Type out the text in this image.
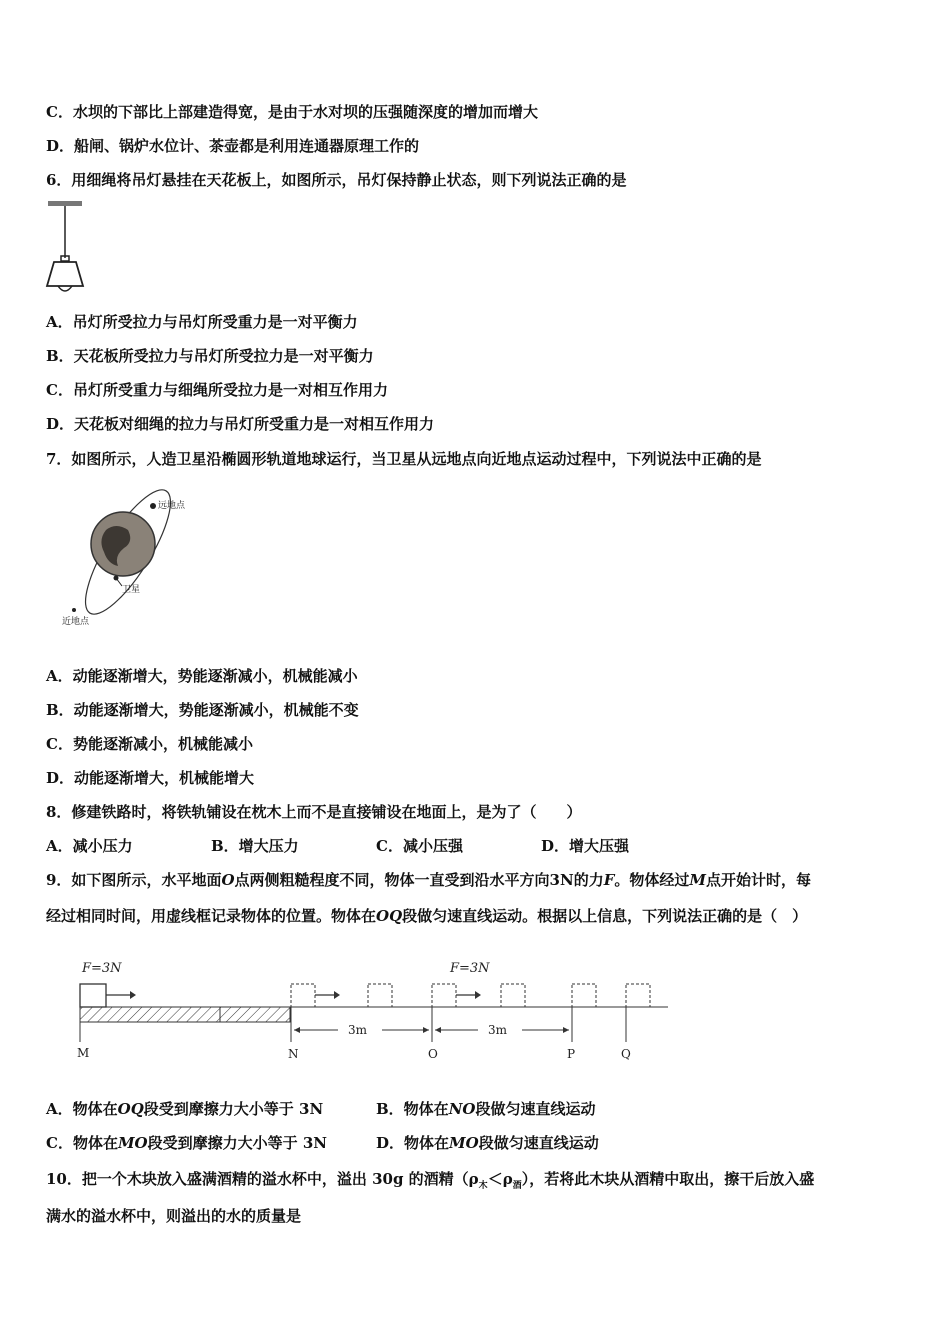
C．水坝的下部比上部建造得宽，是由于水对坝的压强随深度的增加而增大
D．船闸、锅炉水位计、茶壶都是利用连通器原理工作的
6．用细绳将吊灯悬挂在天花板上，如图所示，吊灯保持静止状态，则下列说法正确的是
A．吊灯所受拉力与吊灯所受重力是一对平衡力
B．天花板所受拉力与吊灯所受拉力是一对平衡力
C．吊灯所受重力与细绳所受拉力是一对相互作用力
D．天花板对细绳的拉力与吊灯所受重力是一对相互作用力
7．如图所示，人造卫星沿椭圆形轨道地球运行，当卫星从远地点向近地点运动过程中，下列说法中正确的是
远地点
卫星
近地点
A．动能逐渐增大，势能逐渐减小，机械能减小
B．动能逐渐增大，势能逐渐减小，机械能不变
C．势能逐渐减小，机械能减小
D．动能逐渐增大，机械能增大
8．修建铁路时，将铁轨铺设在枕木上而不是直接铺设在地面上，是为了（　　）
A．减小压力	B．增大压力	C．减小压强	D．增大压强
9．如下图所示，水平地面O点两侧粗糙程度不同，物体一直受到沿水平方向3N的力F。物体经过M点开始计时，每
经过相同时间，用虚线框记录物体的位置。物体在OQ段做匀速直线运动。根据以上信息，下列说法正确的是（　）
F=3N	F=3N
3m	3m
M	N	O	P	Q
A．物体在OQ段受到摩擦力大小等于 3N	B．物体在NO段做匀速直线运动
C．物体在MO段受到摩擦力大小等于 3N	D．物体在MO段做匀速直线运动
10．把一个木块放入盛满酒精的溢水杯中，溢出 30g 的酒精$(\rho_木<\rho_酒)$，若将此木块从酒精中取出，擦干后放入盛
满水的溢水杯中，则溢出的水的质量是
